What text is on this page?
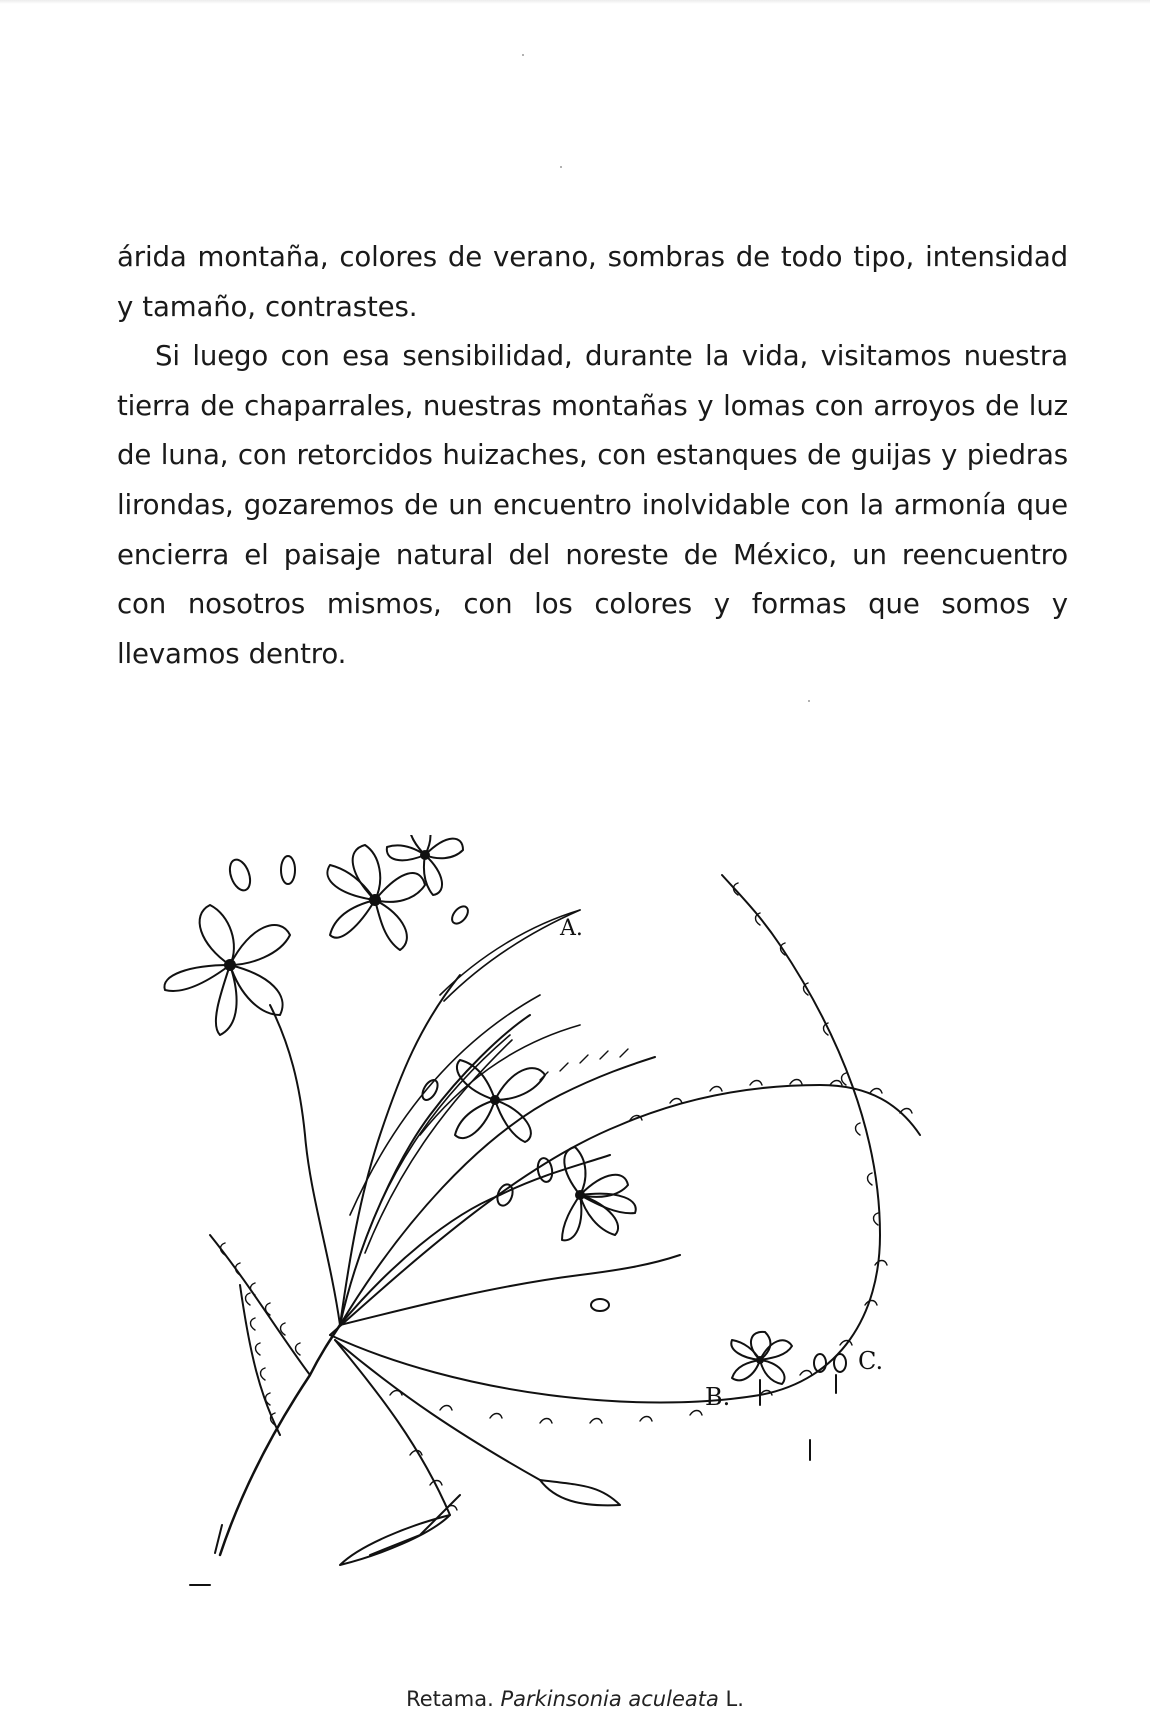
árida montaña, colores de verano, sombras de todo tipo, intensidad y tamaño, contrastes.

Si luego con esa sensibilidad, durante la vida, visitamos nuestra tierra de chaparrales, nuestras montañas y lomas con arroyos de luz de luna, con retorcidos huizaches, con estanques de guijas y piedras lirondas, gozaremos de un encuentro inolvidable con la armonía que encierra el paisaje natural del noreste de México, un reencuentro con nosotros mismos, con los colores y formas que somos y llevamos dentro.

A.
B.
C.
Retama. Parkinsonia aculeata L.
